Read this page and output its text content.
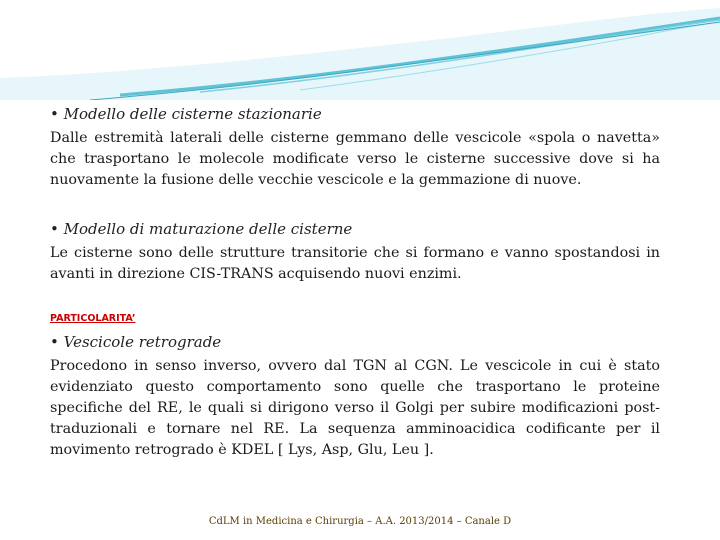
• Modello delle cisterne stazionarie

Dalle estremità laterali delle cisterne gemmano delle vescicole «spola o navetta» che trasportano le molecole modificate verso le cisterne successive dove si ha nuovamente la fusione delle vecchie vescicole e la gemmazione di nuove.

• Modello di maturazione delle cisterne

Le cisterne sono delle strutture transitorie che si formano e vanno spostandosi in avanti in direzione CIS-TRANS acquisendo nuovi enzimi.

PARTICOLARITA’

• Vescicole retrograde

Procedono in senso inverso, ovvero dal TGN al CGN. Le vescicole in cui è stato evidenziato questo comportamento sono quelle che trasportano le proteine specifiche del RE, le quali si dirigono verso il Golgi per subire modificazioni post-traduzionali e tornare nel RE. La sequenza amminoacidica codificante per il movimento retrogrado è KDEL [ Lys, Asp, Glu, Leu ].

CdLM in Medicina e Chirurgia – A.A. 2013/2014 – Canale D
